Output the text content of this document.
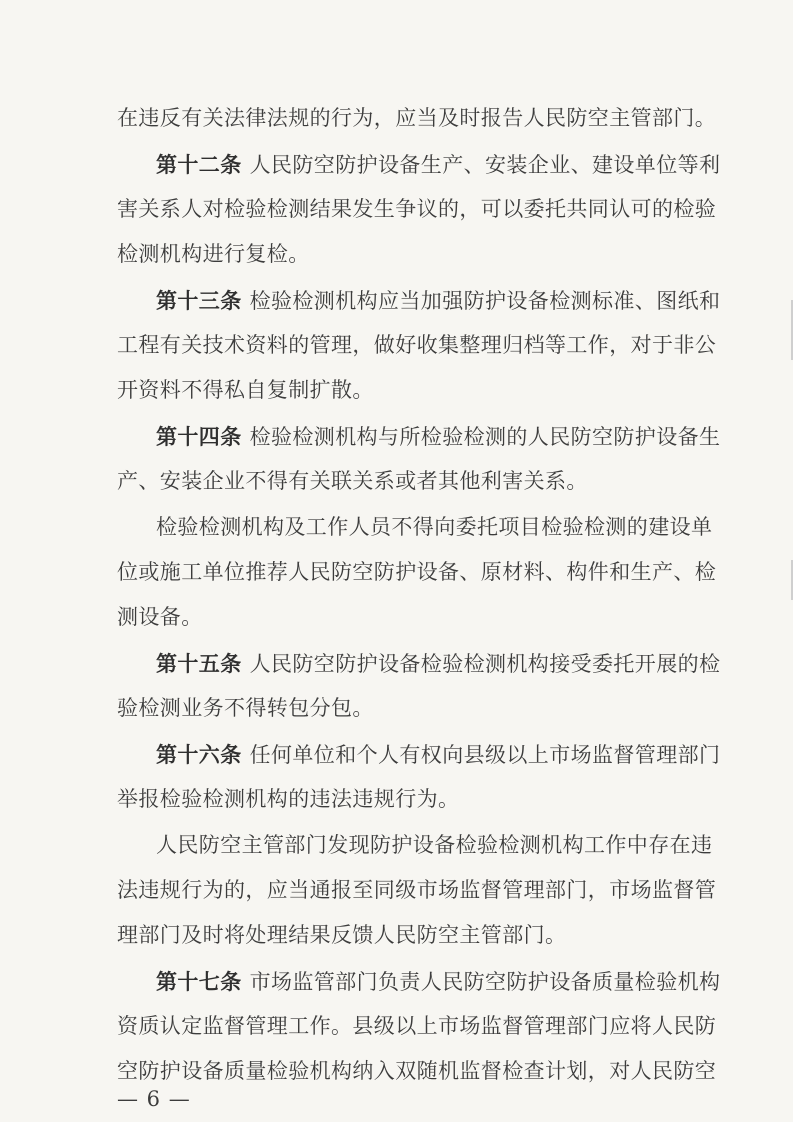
在违反有关法律法规的行为，应当及时报告人民防空主管部门。
第十二条 人民防空防护设备生产、安装企业、建设单位等利
害关系人对检验检测结果发生争议的，可以委托共同认可的检验
检测机构进行复检。
第十三条 检验检测机构应当加强防护设备检测标准、图纸和
工程有关技术资料的管理，做好收集整理归档等工作，对于非公
开资料不得私自复制扩散。
第十四条 检验检测机构与所检验检测的人民防空防护设备生
产、安装企业不得有关联关系或者其他利害关系。
检验检测机构及工作人员不得向委托项目检验检测的建设单
位或施工单位推荐人民防空防护设备、原材料、构件和生产、检
测设备。
第十五条 人民防空防护设备检验检测机构接受委托开展的检
验检测业务不得转包分包。
第十六条 任何单位和个人有权向县级以上市场监督管理部门
举报检验检测机构的违法违规行为。
人民防空主管部门发现防护设备检验检测机构工作中存在违
法违规行为的，应当通报至同级市场监督管理部门，市场监督管
理部门及时将处理结果反馈人民防空主管部门。
第十七条 市场监管部门负责人民防空防护设备质量检验机构
资质认定监督管理工作。县级以上市场监督管理部门应将人民防
空防护设备质量检验机构纳入双随机监督检查计划，对人民防空
— 6 —
